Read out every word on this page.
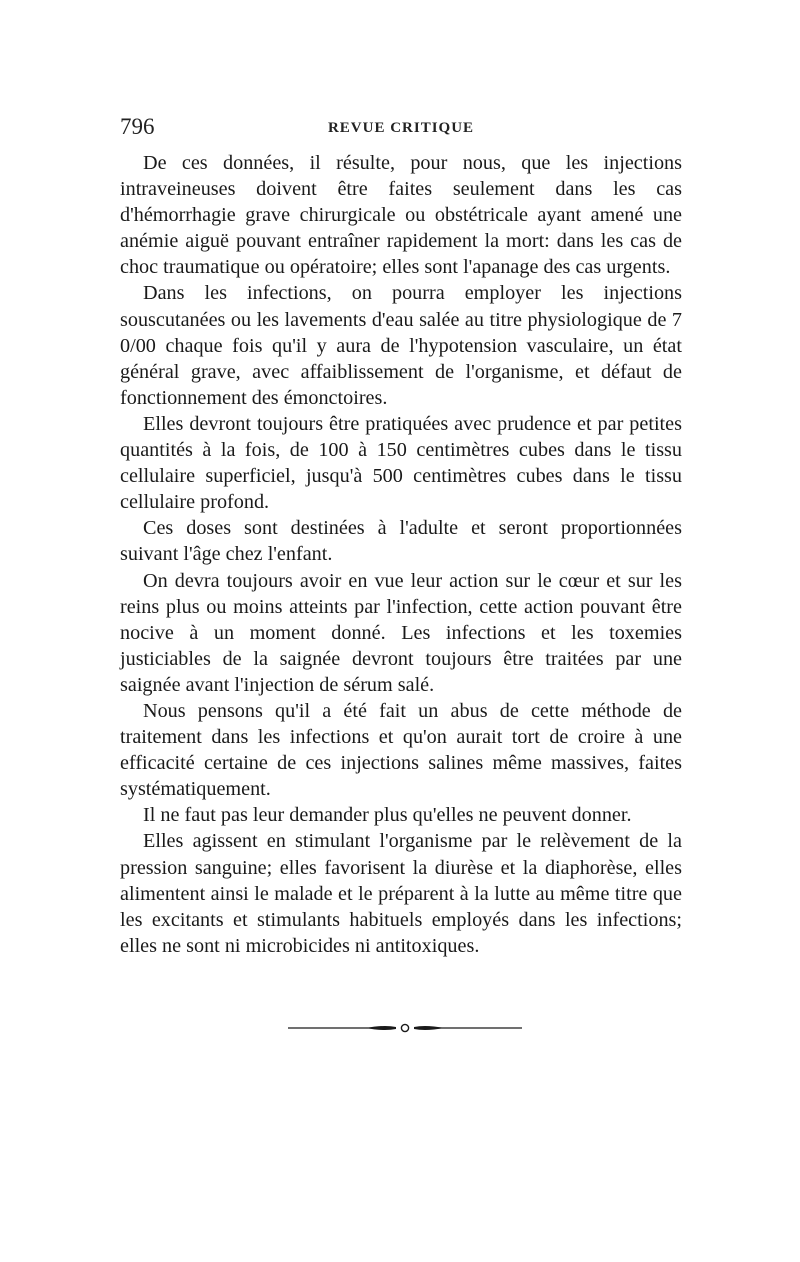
796	REVUE CRITIQUE

De ces données, il résulte, pour nous, que les injections intraveineuses doivent être faites seulement dans les cas d'hémorrhagie grave chirurgicale ou obstétricale ayant amené une anémie aiguë pouvant entraîner rapidement la mort: dans les cas de choc traumatique ou opératoire; elles sont l'apanage des cas urgents.

Dans les infections, on pourra employer les injections souscutanées ou les lavements d'eau salée au titre physiologique de 7 0/00 chaque fois qu'il y aura de l'hypotension vasculaire, un état général grave, avec affaiblissement de l'organisme, et défaut de fonctionnement des émonctoires.

Elles devront toujours être pratiquées avec prudence et par petites quantités à la fois, de 100 à 150 centimètres cubes dans le tissu cellulaire superficiel, jusqu'à 500 centimètres cubes dans le tissu cellulaire profond.

Ces doses sont destinées à l'adulte et seront proportionnées suivant l'âge chez l'enfant.

On devra toujours avoir en vue leur action sur le cœur et sur les reins plus ou moins atteints par l'infection, cette action pouvant être nocive à un moment donné. Les infections et les toxemies justiciables de la saignée devront toujours être traitées par une saignée avant l'injection de sérum salé.

Nous pensons qu'il a été fait un abus de cette méthode de traitement dans les infections et qu'on aurait tort de croire à une efficacité certaine de ces injections salines même massives, faites systématiquement.

Il ne faut pas leur demander plus qu'elles ne peuvent donner.

Elles agissent en stimulant l'organisme par le relèvement de la pression sanguine; elles favorisent la diurèse et la diaphorèse, elles alimentent ainsi le malade et le préparent à la lutte au même titre que les excitants et stimulants habituels employés dans les infections; elles ne sont ni microbicides ni antitoxiques.
